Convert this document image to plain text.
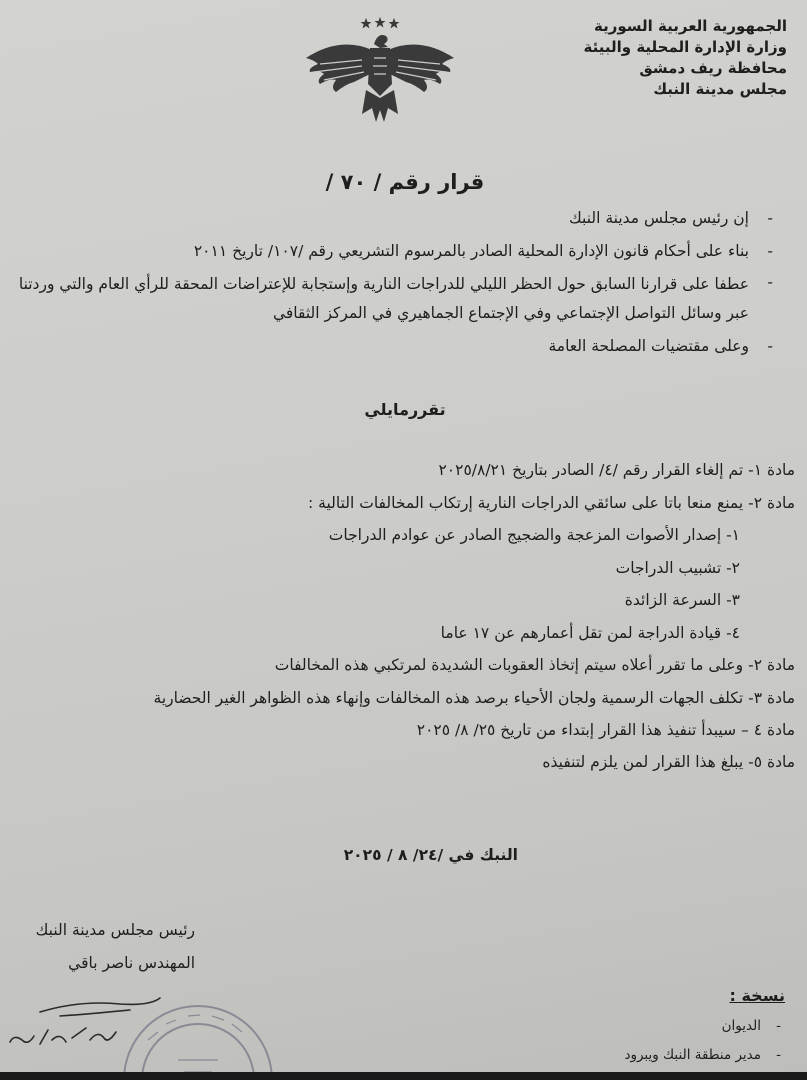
الجمهورية العربية السورية
وزارة الإدارة المحلية والبيئة
محافظة ريف دمشق
مجلس مدينة النبك
قرار رقم / ٧٠ /
- إن رئيس مجلس مدينة النبك
- بناء على أحكام قانون الإدارة المحلية الصادر بالمرسوم التشريعي رقم /١٠٧/ تاريخ ٢٠١١
- عطفا على قرارنا السابق حول الحظر الليلي للدراجات النارية وإستجابة للإعتراضات المحقة للرأي العام والتي وردتنا عبر وسائل التواصل الإجتماعي وفي الإجتماع الجماهيري في المركز الثقافي
- وعلى مقتضيات المصلحة العامة
تقررمايلي
مادة ١- تم إلغاء القرار رقم /٤/ الصادر بتاريخ ٢٠٢٥/٨/٢١
مادة ٢- يمنع منعا باتا على سائقي الدراجات النارية إرتكاب المخالفات التالية :
١- إصدار الأصوات المزعجة والضجيج الصادر عن عوادم الدراجات
٢- تشبيب الدراجات
٣- السرعة الزائدة
٤- قيادة الدراجة لمن تقل أعمارهم عن ١٧ عاما
مادة ٢- وعلى ما تقرر أعلاه سيتم إتخاذ العقوبات الشديدة لمرتكبي هذه المخالفات
مادة ٣- تكلف الجهات الرسمية ولجان الأحياء برصد هذه المخالفات وإنهاء هذه الظواهر الغير الحضارية
مادة ٤ – سيبدأ تنفيذ هذا القرار إبتداء من تاريخ ٢٥/ ٨/ ٢٠٢٥
مادة ٥- يبلغ هذا القرار لمن يلزم لتنفيذه
النبك في /٢٤/ ٨ / ٢٠٢٥
رئيس مجلس مدينة النبك
المهندس ناصر باقي
نسخة :
- الديوان
- مدير منطقة النبك ويبرود
